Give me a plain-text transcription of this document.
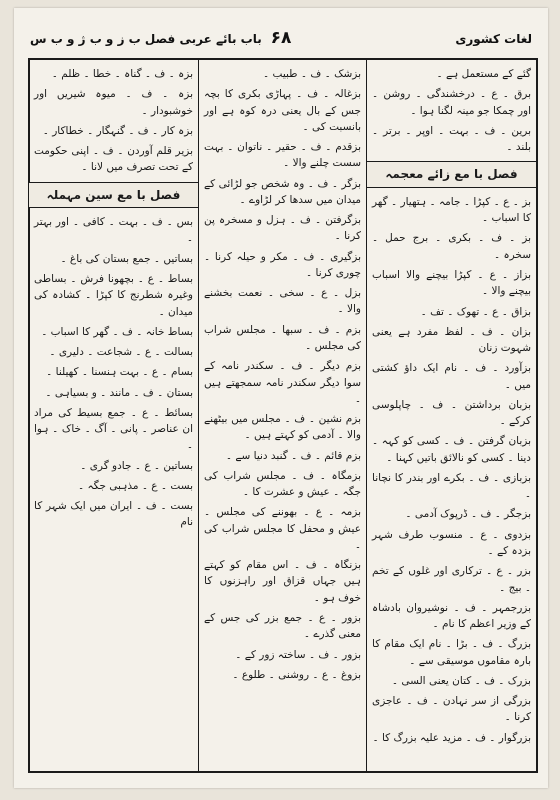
لغات کشوری
۶۸
باب بائے عربی فصل ب ز و ب ژ و ب س

گئے کے مستعمل ہے ۔

برق ۔ ع ۔ درخشندگی ۔ روشن ۔ اور چمکا جو مینہ لگنا ہوا ۔

برین ۔ ف ۔ بہت ۔ اوپر ۔ برتر ۔ بلند ۔

فصل با مع زائے معجمہ

بز ۔ ع ۔ کپڑا ۔ جامہ ۔ ہتھیار ۔ گھر کا اسباب ۔

بز ۔ ف ۔ بکری ۔ برج حمل ۔ سخرہ ۔

بزاز ۔ ع ۔ کپڑا بیچنے والا اسباب بیچنے والا ۔

بزاق ۔ ع ۔ تھوک ۔ تف ۔

بزان ۔ ف ۔ لفظ مفرد ہے یعنی شہوت زنان

بزآورد ۔ ف ۔ نام ایک داؤ کشتی میں ۔

بزبان برداشتن ۔ ف ۔ چاپلوسی کرکے ۔

بزبان گرفتن ۔ ف ۔ کسی کو کہہ ۔ دینا ۔ کسی کو نالائق باتیں کہنا ۔

بزبازی ۔ ف ۔ بکرے اور بندر کا نچانا ۔

بزجگر ۔ ف ۔ ڈرپوک آدمی ۔

بزدوی ۔ ع ۔ منسوب طرف شہر بزدہ کے ۔

بزر ۔ ع ۔ ترکاری اور غلوں کے تخم ۔ بیج ۔

بزرجمہر ۔ ف ۔ نوشیروان بادشاہ کے وزیر اعظم کا نام ۔

بزرگ ۔ ف ۔ بڑا ۔ نام ایک مقام کا بارہ مقاموں موسیقی سے ۔

بزرک ۔ ف ۔ کتان یعنی السی ۔

بزرگی از سر نہادن ۔ ف ۔ عاجزی کرنا ۔

بزرگوار ۔ ف ۔ مزید علیہ بزرگ کا ۔

بزشک ۔ ف ۔ طبیب ۔

بزغالہ ۔ ف ۔ پہاڑی بکری کا بچہ جس کے بال یعنی درہ کوہ ہے اور بانسبت کی ۔

بزقدم ۔ ف ۔ حقیر ۔ ناتوان ۔ بہت سست چلنے والا ۔

بزگر ۔ ف ۔ وہ شخص جو لڑائی کے میدان میں سدھا کر لڑاوے ۔

بزگرفتن ۔ ف ۔ ہزل و مسخرہ پن کرنا ۔

بزگیری ۔ ف ۔ مکر و حیلہ کرنا ۔ چوری کرنا ۔

بزل ۔ ع ۔ سخی ۔ نعمت بخشنے والا ۔

بزم ۔ ف ۔ سبھا ۔ مجلس شراب کی مجلس ۔

بزم دیگر ۔ ف ۔ سکندر نامہ کے سوا دیگر سکندر نامہ سمجھتے ہیں ۔

بزم نشین ۔ ف ۔ مجلس میں بیٹھنے والا ۔ آدمی کو کہتے ہیں ۔

بزم قائم ۔ ف ۔ گنبد دنیا سے ۔

بزمگاہ ۔ ف ۔ مجلس شراب کی جگہ ۔ عیش و عشرت کا ۔

بزمہ ۔ ع ۔ بھوننے کی مجلس ۔ عیش و محفل کا مجلس شراب کی ۔

بزنگاہ ۔ ف ۔ اس مقام کو کہتے ہیں جہاں قزاق اور راہزنوں کا خوف ہو ۔

بزور ۔ ع ۔ جمع بزر کی جس کے معنی گذرے ۔

بزور ۔ ف ۔ ساختہ زور کے ۔

بزوغ ۔ ع ۔ روشنی ۔ طلوع ۔

بزہ ۔ ف ۔ گناہ ۔ خطا ۔ ظلم ۔

بزہ ۔ ف ۔ میوہ شیریں اور خوشبودار ۔

بزہ کار ۔ ف ۔ گنہگار ۔ خطاکار ۔

بزیر قلم آوردن ۔ ف ۔ اپنی حکومت کے تحت تصرف میں لانا ۔

فصل با مع سین مہملہ

بس ۔ ف ۔ بہت ۔ کافی ۔ اور بہتر ۔

بساتیں ۔ جمع بستان کی باغ ۔

بساط ۔ ع ۔ بچھونا فرش ۔ بساطی وغیرہ شطرنج کا کپڑا ۔ کشادہ کی میدان ۔

بساط خانہ ۔ ف ۔ گھر کا اسباب ۔

بسالت ۔ ع ۔ شجاعت ۔ دلیری ۔

بسام ۔ ع ۔ بہت ہنسنا ۔ کھیلنا ۔

بستان ۔ ف ۔ مانند ۔ و بسیاہی ۔

بسائط ۔ ع ۔ جمع بسیط کی مراد ان عناصر ۔ پانی ۔ آگ ۔ خاک ۔ ہوا ۔

بساتین ۔ ع ۔ جادو گری ۔

بست ۔ ع ۔ مذہبی جگہ ۔

بست ۔ ف ۔ ایران میں ایک شہر کا نام
